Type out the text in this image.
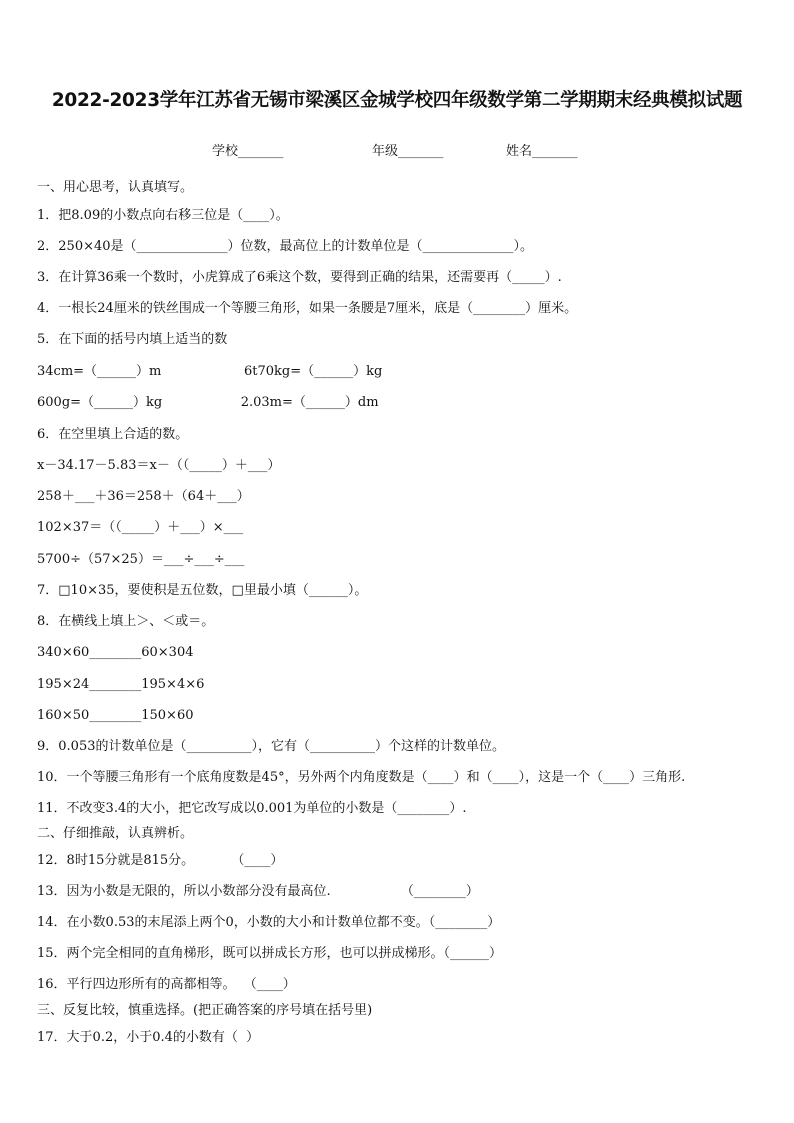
2022-2023学年江苏省无锡市梁溪区金城学校四年级数学第二学期期末经典模拟试题
学校_______	年级_______	姓名_______
一、用心思考，认真填写。
1．把8.09的小数点向右移三位是（____）。
2．250×40是（______________）位数，最高位上的计数单位是（______________）。
3．在计算36乘一个数时，小虎算成了6乘这个数，要得到正确的结果，还需要再（_____）.
4．一根长24厘米的铁丝围成一个等腰三角形，如果一条腰是7厘米，底是（________）厘米。
5．在下面的括号内填上适当的数
34cm=（______）m                    6t70kg=（______）kg
600g=（______）kg                   2.03m=（______）dm
6．在空里填上合适的数。
x－34.17－5.83＝x－（（_____）＋___）
258＋___＋36＝258＋（64＋___）
102×37＝（（_____）＋___）×___
5700÷（57×25）＝___÷___÷___
7．□10×35，要使积是五位数，□里最小填（______）。
8．在横线上填上＞、＜或＝。
340×60________60×304
195×24________195×4×6
160×50________150×60
9．0.053的计数单位是（__________），它有（__________）个这样的计数单位。
10．一个等腰三角形有一个底角度数是45°，另外两个内角度数是（____）和（____），这是一个（____）三角形.
11．不改变3.4的大小，把它改写成以0.001为单位的小数是（________）.
二、仔细推敲，认真辨析。
12．8时15分就是815分。         （____）
13．因为小数是无限的，所以小数部分没有最高位.                 （________）
14．在小数0.53的末尾添上两个0，小数的大小和计数单位都不变。（________）
15．两个完全相同的直角梯形，既可以拼成长方形，也可以拼成梯形。（______）
16．平行四边形所有的高都相等。  （____）
三、反复比较，慎重选择。(把正确答案的序号填在括号里)
17．大于0.2，小于0.4的小数有（  ）
